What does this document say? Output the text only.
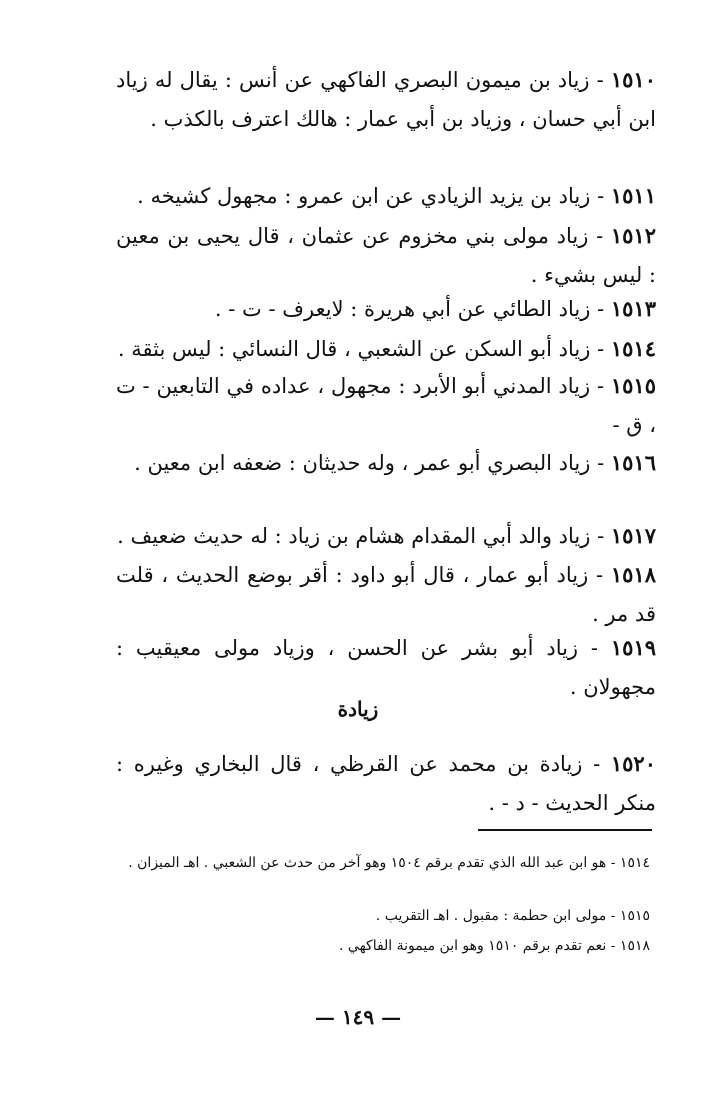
١٥١٠ - زياد بن ميمون البصري الفاكهي عن أنس : يقال له زياد ابن أبي حسان ، وزياد بن أبي عمار : هالك اعترف بالكذب .
١٥١١ - زياد بن يزيد الزيادي عن ابن عمرو : مجهول كشيخه .
١٥١٢ - زياد مولى بني مخزوم عن عثمان ، قال يحيى بن معين : ليس بشيء .
١٥١٣ - زياد الطائي عن أبي هريرة : لايعرف - ت - .
١٥١٤ - زياد أبو السكن عن الشعبي ، قال النسائي : ليس بثقة .
١٥١٥ - زياد المدني أبو الأبرد : مجهول ، عداده في التابعين - ت ، ق -
١٥١٦ - زياد البصري أبو عمر ، وله حديثان : ضعفه ابن معين .
١٥١٧ - زياد والد أبي المقدام هشام بن زياد : له حديث ضعيف .
١٥١٨ - زياد أبو عمار ، قال أبو داود : أقر بوضع الحديث ، قلت قد مر .
١٥١٩ - زياد أبو بشر عن الحسن ، وزياد مولى معيقيب : مجهولان .
زيادة
١٥٢٠ - زيادة بن محمد عن القرظي ، قال البخاري وغيره : منكر الحديث - د - .
١٥١٤ - هو ابن عبد الله الذي تقدم برقم ١٥٠٤ وهو آخر من حدث عن الشعبي . اهـ الميزان .
١٥١٥ - مولى ابن حطمة : مقبول . اهـ التقريب .
١٥١٨ - نعم تقدم برقم ١٥١٠ وهو ابن ميمونة الفاكهي .
— ١٤٩ —
